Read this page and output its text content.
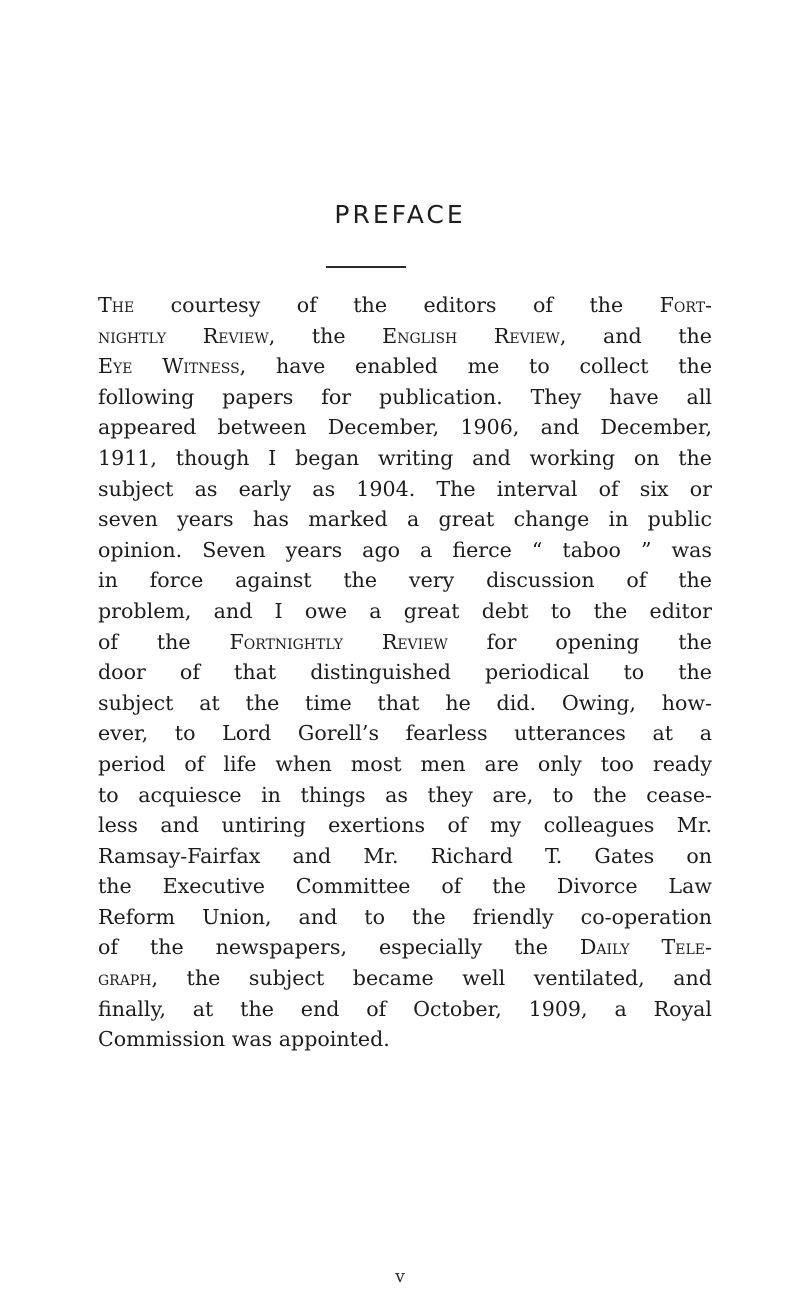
PREFACE

The courtesy of the editors of the Fort-
nightly Review, the English Review, and the
Eye Witness, have enabled me to collect the
following papers for publication. They have all
appeared between December, 1906, and December,
1911, though I began writing and working on the
subject as early as 1904. The interval of six or
seven years has marked a great change in public
opinion. Seven years ago a fierce “ taboo ” was
in force against the very discussion of the
problem, and I owe a great debt to the editor
of the Fortnightly Review for opening the
door of that distinguished periodical to the
subject at the time that he did. Owing, how-
ever, to Lord Gorell’s fearless utterances at a
period of life when most men are only too ready
to acquiesce in things as they are, to the cease-
less and untiring exertions of my colleagues Mr.
Ramsay-Fairfax and Mr. Richard T. Gates on
the Executive Committee of the Divorce Law
Reform Union, and to the friendly co-operation
of the newspapers, especially the Daily Tele-
graph, the subject became well ventilated, and
finally, at the end of October, 1909, a Royal
Commission was appointed.

v
